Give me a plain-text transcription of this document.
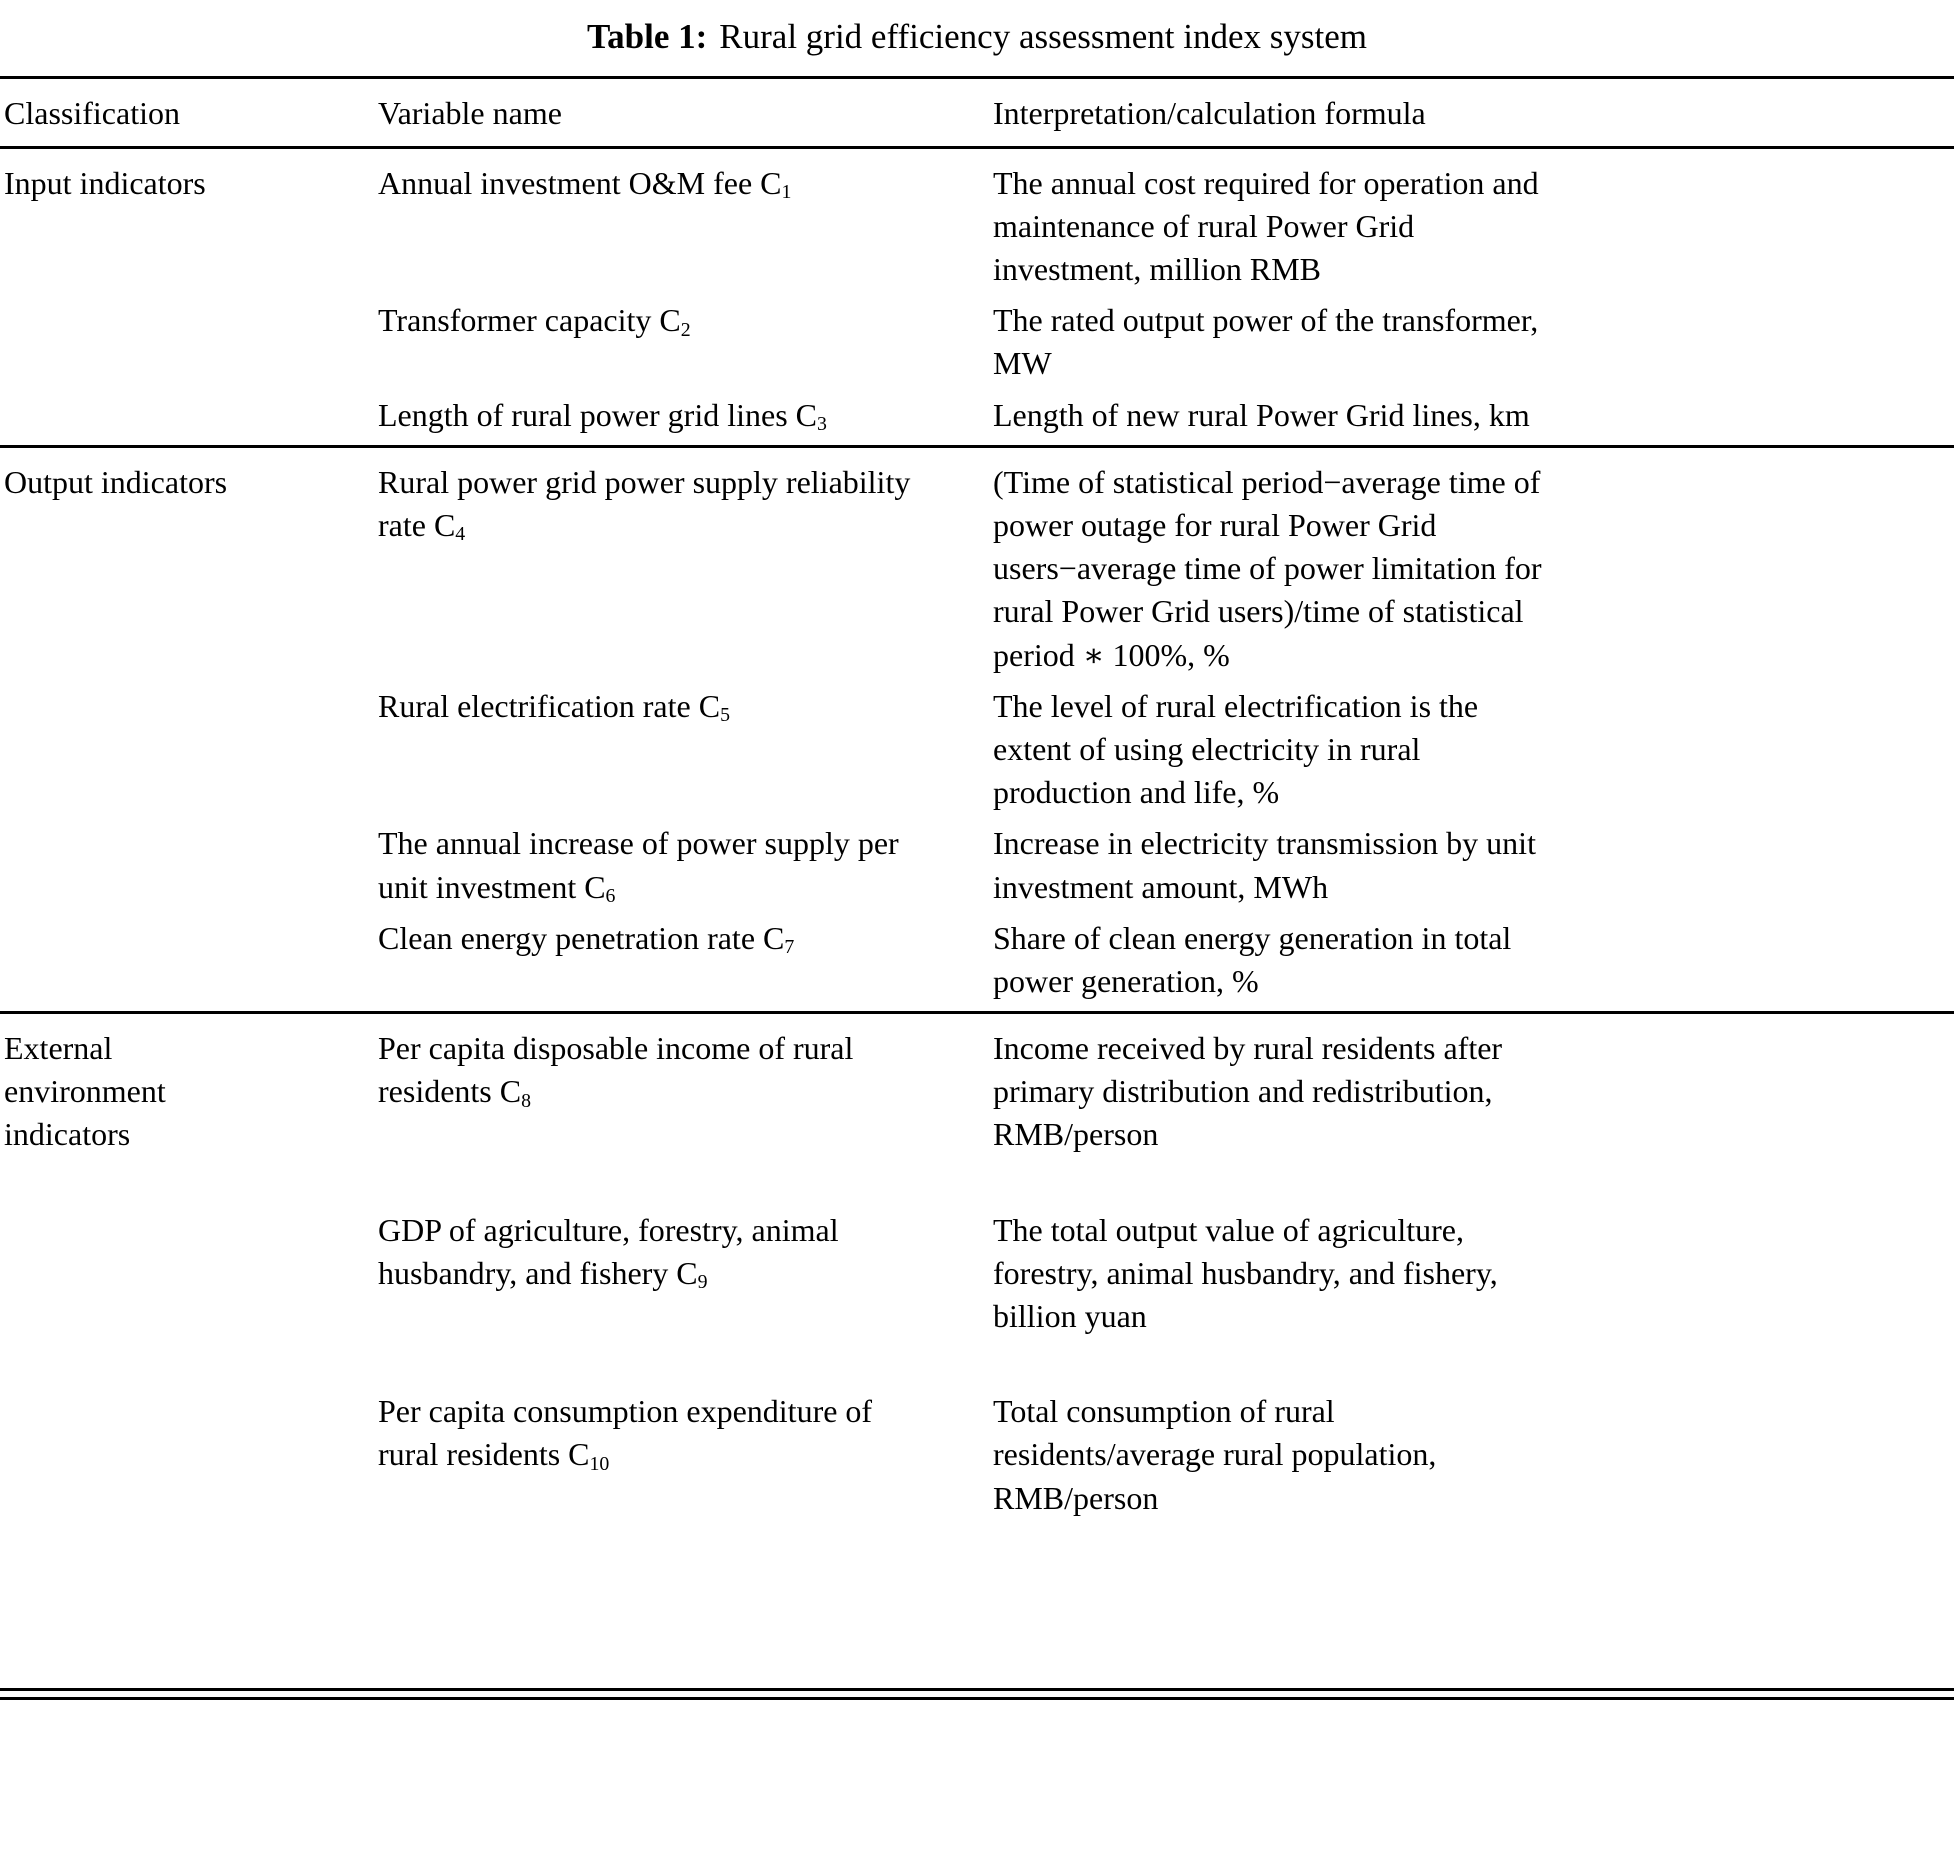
Table 1: Rural grid efficiency assessment index system
Classification	Variable name	Interpretation/calculation formula
Input indicators	Annual investment O&M fee $C_1$	The annual cost required for operation and maintenance of rural Power Grid investment, million RMB
	Transformer capacity $C_2$	The rated output power of the transformer, MW
	Length of rural power grid lines $C_3$	Length of new rural Power Grid lines, km
Output indicators	Rural power grid power supply reliability rate $C_4$	(Time of statistical period−average time of power outage for rural Power Grid users−average time of power limitation for rural Power Grid users)/time of statistical period ∗ 100%, %
	Rural electrification rate $C_5$	The level of rural electrification is the extent of using electricity in rural production and life, %
	The annual increase of power supply per unit investment $C_6$	Increase in electricity transmission by unit investment amount, MWh
	Clean energy penetration rate $C_7$	Share of clean energy generation in total power generation, %
External environment indicators	Per capita disposable income of rural residents $C_8$	Income received by rural residents after primary distribution and redistribution, RMB/person
	GDP of agriculture, forestry, animal husbandry, and fishery $C_9$	The total output value of agriculture, forestry, animal husbandry, and fishery, billion yuan
	Per capita consumption expenditure of rural residents $C_{10}$	Total consumption of rural residents/average rural population, RMB/person
